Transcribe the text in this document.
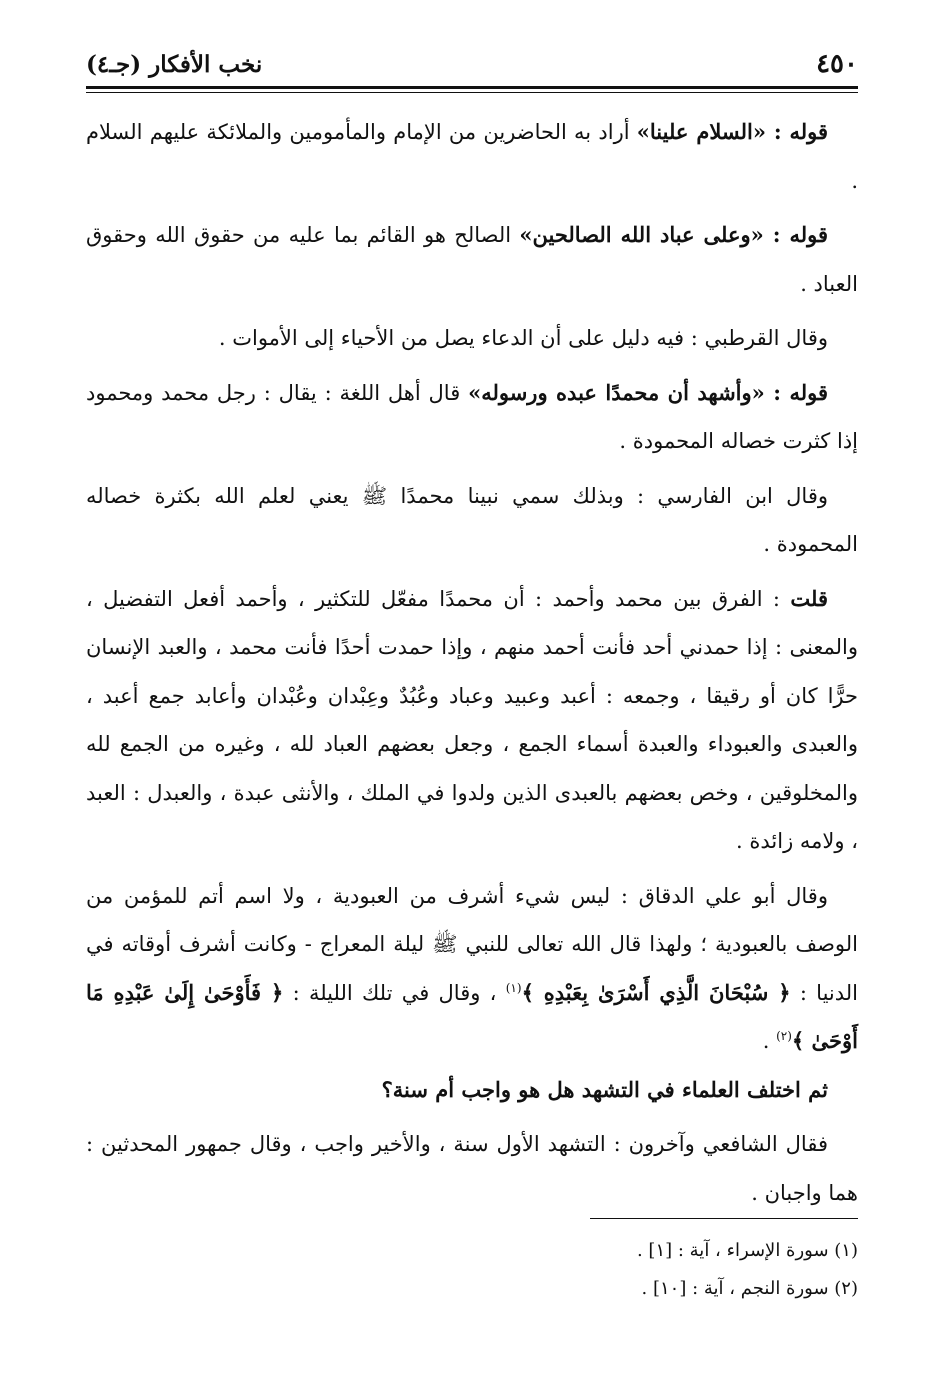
٤٥٠
نخب الأفكار (جـ٤)

قوله : «السلام علينا» أراد به الحاضرين من الإمام والمأمومين والملائكة عليهم السلام .

قوله : «وعلى عباد الله الصالحين» الصالح هو القائم بما عليه من حقوق الله وحقوق العباد .

وقال القرطبي : فيه دليل على أن الدعاء يصل من الأحياء إلى الأموات .

قوله : «وأشهد أن محمدًا عبده ورسوله» قال أهل اللغة : يقال : رجل محمد ومحمود إذا كثرت خصاله المحمودة .

وقال ابن الفارسي : وبذلك سمي نبينا محمدًا ﷺ يعني لعلم الله بكثرة خصاله المحمودة .

قلت : الفرق بين محمد وأحمد : أن محمدًا مفعّل للتكثير ، وأحمد أفعل التفضيل ، والمعنى : إذا حمدني أحد فأنت أحمد منهم ، وإذا حمدت أحدًا فأنت محمد ، والعبد الإنسان حرًّا كان أو رقيقا ، وجمعه : أعبد وعبيد وعباد وعُبُدٌ وعِبْدان وعُبْدان وأعابد جمع أعبد ، والعبدى والعبوداء والعبدة أسماء الجمع ، وجعل بعضهم العباد لله ، وغيره من الجمع لله والمخلوقين ، وخص بعضهم بالعبدى الذين ولدوا في الملك ، والأنثى عبدة ، والعبدل : العبد ، ولامه زائدة .

وقال أبو علي الدقاق : ليس شيء أشرف من العبودية ، ولا اسم أتم للمؤمن من الوصف بالعبودية ؛ ولهذا قال الله تعالى للنبي ﷺ ليلة المعراج - وكانت أشرف أوقاته في الدنيا : ﴿ سُبْحَانَ الَّذِي أَسْرَىٰ بِعَبْدِهِ ﴾$^{(١)}$ ، وقال في تلك الليلة : ﴿ فَأَوْحَىٰ إِلَىٰ عَبْدِهِ مَا أَوْحَىٰ ﴾$^{(٢)}$ .

ثم اختلف العلماء في التشهد هل هو واجب أم سنة؟

فقال الشافعي وآخرون : التشهد الأول سنة ، والأخير واجب ، وقال جمهور المحدثين : هما واجبان .

(١) سورة الإسراء ، آية : [١] .
(٢) سورة النجم ، آية : [١٠] .
